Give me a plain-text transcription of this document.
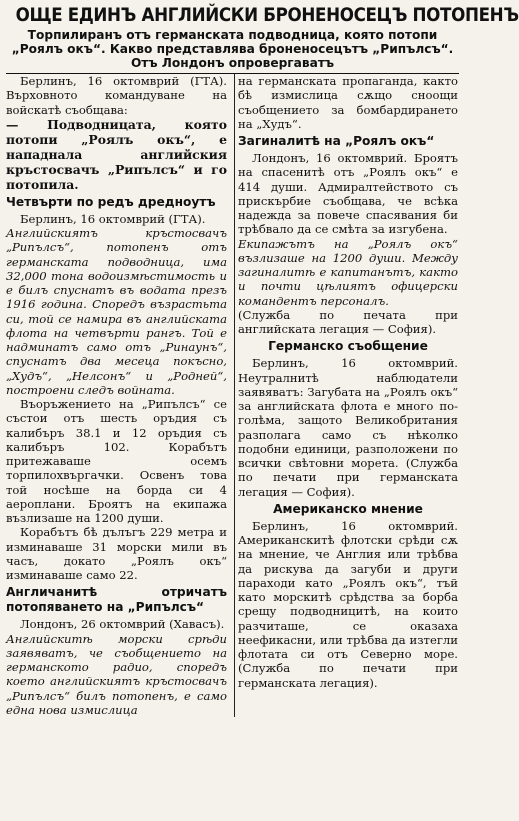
ОЩЕ ЕДИНЪ АНГЛИЙСКИ БРОНЕНОСЕЦЪ ПОТОПЕНЪ
Торпилиранъ отъ германската подводница, която потопи „Роялъ окъ“. Какво представлява броненосецътъ „Рипълсъ“. Отъ Лондонъ опровергаватъ

Берлинъ, 16 октомврий (ГТА). Върховното командуване на войскатѣ съобщава:

— Подводницата, която потопи „Роялъ окъ“, е нападнала английския кръстосвачъ „Рипълсъ“ и го потопила.

Четвърти по редъ дредноутъ

Берлинъ, 16 октомврий (ГТА).

Английскиятъ кръстосвачъ „Рипълсъ“, потопенъ отъ германската подводница, има 32,000 тона водоизмѣстимость и е билъ спуснатъ въ водата презъ 1916 година. Споредъ възрастьта си, той се намира въ английската флота на четвърти рангъ. Той е надминатъ само отъ „Ринаунъ“, спуснатъ два месеца покъсно, „Худъ“, „Нелсонъ“ и „Родней“, построени следъ войната.

Въоръжението на „Рипълсъ“ се състои отъ шесть оръдия съ калибъръ 38.1 и 12 оръдия съ калибъръ 102. Корабътъ притежаваше осемъ торпилохвъргачки. Освенъ това той носѣше на борда си 4 аероплани. Броятъ на екипажа възлизаше на 1200 души.

Корабътъ бѣ дълъгъ 229 метра и изминаваше 31 морски мили въ часъ, докато „Роялъ окъ“ изминаваше само 22.

Англичанитѣ отричатъ потопяването на „Рипълсъ“

Лондонъ, 26 октомврий (Хавасъ).

Английскитѣ морски срѣди заявяватъ, че съобщението на германското радио, споредъ което английскиятъ кръстосвачъ „Рипълсъ“ билъ потопенъ, е само една нова измислица

на германската пропаганда, както бѣ измислица сѫщо сноощи съобщението за бомбардирането на „Худъ“.

Загиналитѣ на „Роялъ окъ“

Лондонъ, 16 октомврий. Броятъ на спасенитѣ отъ „Роялъ окъ“ е 414 души. Адмиралтейството съ прискърбие съобщава, че всѣка надежда за повече спасявания би трѣбвало да се смѣта за изгубена.

Екипажътъ на „Роялъ окъ“ възлизаше на 1200 души. Между загиналитѣ е капитанътъ, както и почти цѣлиятъ офицерски командентъ персоналъ.

(Служба по печата при английската легация — София).

Германско съобщение

Берлинъ, 16 октомврий. Неутралнитѣ наблюдатели заявяватъ: Загубата на „Роялъ окъ“ за английската флота е много по-голѣма, защото Великобритания разполага само съ нѣколко подобни единици, разположени по всички свѣтовни морета. (Служба по печати при германската легация — София).

Американско мнение

Берлинъ, 16 октомврий. Американскитѣ флотски срѣди сѫ на мнение, че Англия или трѣбва да рискува да загуби и други параходи като „Роялъ окъ“, тъй като морскитѣ срѣдства за борба срещу подводницитѣ, на които разчиташе, се оказаха неефикасни, или трѣбва да изтегли флотата си отъ Северно море. (Служба по печати при германската легация).
